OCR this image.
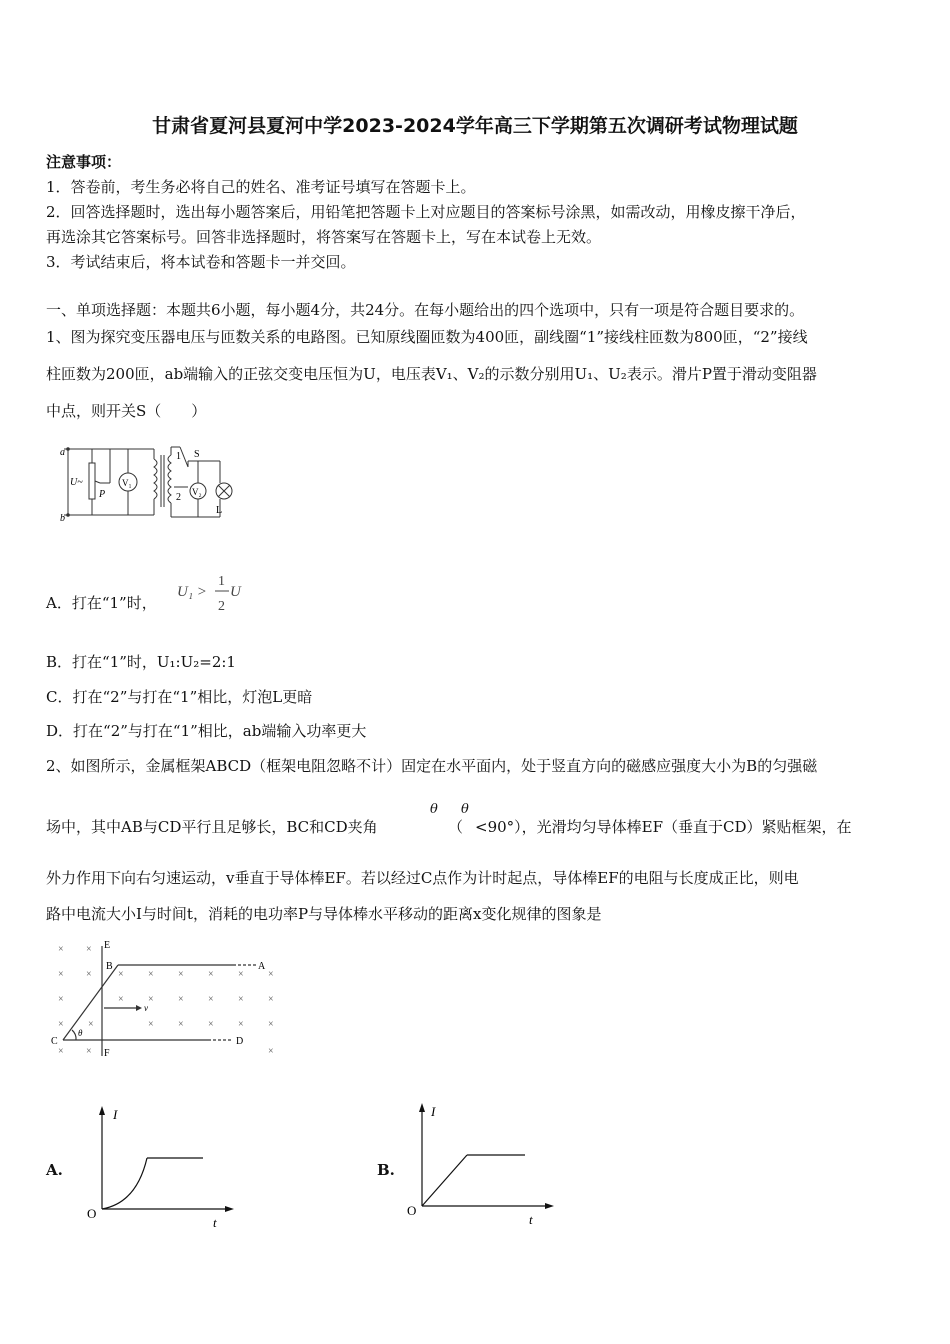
甘肃省夏河县夏河中学2023-2024学年高三下学期第五次调研考试物理试题
注意事项：
1．答卷前，考生务必将自己的姓名、准考证号填写在答题卡上。
2．回答选择题时，选出每小题答案后，用铅笔把答题卡上对应题目的答案标号涂黑，如需改动，用橡皮擦干净后，
再选涂其它答案标号。回答非选择题时，将答案写在答题卡上，写在本试卷上无效。
3．考试结束后，将本试卷和答题卡一并交回。
一、单项选择题：本题共6小题，每小题4分，共24分。在每小题给出的四个选项中，只有一项是符合题目要求的。
1、图为探究变压器电压与匝数关系的电路图。已知原线圈匝数为400匝，副线圈“1”接线柱匝数为800匝，“2”接线
柱匝数为200匝，ab端输入的正弦交变电压恒为U，电压表V₁、V₂的示数分别用U₁、U₂表示。滑片P置于滑动变阻器
中点，则开关S（　　）
a
b
U~
P
V₁
V₂
1
2
S
L
A．打在“1”时，
U₁ >
1
2
U
B．打在“1”时，U₁:U₂=2:1
C．打在“2”与打在“1”相比，灯泡L更暗
D．打在“2”与打在“1”相比，ab端输入功率更大
2、如图所示，金属框架ABCD（框架电阻忽略不计）固定在水平面内，处于竖直方向的磁感应强度大小为B的匀强磁
场中，其中AB与CD平行且足够长，BC和CD夹角
θ
（
θ
<90°），光滑均匀导体棒EF（垂直于CD）紧贴框架，在
外力作用下向右匀速运动，v垂直于导体棒EF。若以经过C点作为计时起点，导体棒EF的电阻与长度成正比，则电
路中电流大小I与时间t，消耗的电功率P与导体棒水平移动的距离x变化规律的图象是
× ×
× ×	× × × × × ×
×	× × × × × ×
× ×	× × × × ×
× ×	×
E
B	A
C	D
F
v
θ
A.
I
t
O
B.
I
t
O
